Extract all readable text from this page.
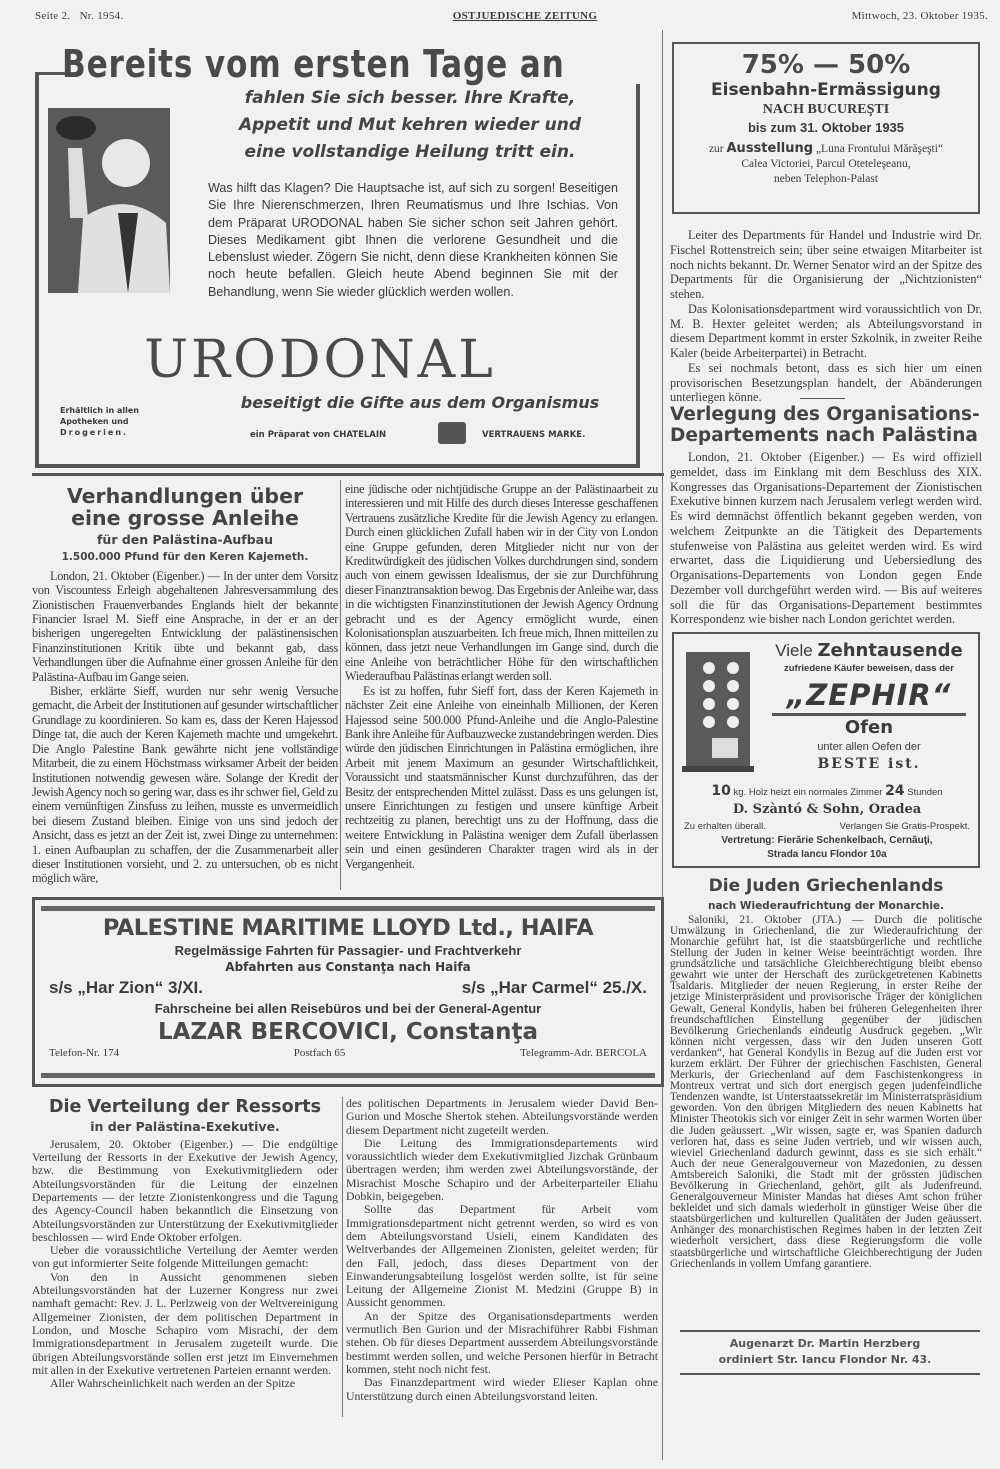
Seite 2. Nr. 1954.	OSTJUEDISCHE ZEITUNG	Mittwoch, 23. Oktober 1935.
Bereits vom ersten Tage an
fahlen Sie sich besser. Ihre Krafte,
Appetit und Mut kehren wieder und
eine vollstandige Heilung tritt ein.
Was hilft das Klagen? Die Hauptsache ist, auf sich zu sorgen! Beseitigen Sie Ihre Nierenschmerzen, Ihren Reumatismus und Ihre Ischias. Von dem Präparat URODONAL haben Sie sicher schon seit Jahren gehört. Dieses Medikament gibt Ihnen die verlorene Gesundheit und die Lebenslust wieder. Zögern Sie nicht, denn diese Krankheiten können Sie noch heute befallen. Gleich heute Abend beginnen Sie mit der Behandlung, wenn Sie wieder glücklich werden wollen.
URODONAL
beseitigt die Gifte aus dem Organismus
Erhältlich in allen
Apotheken und
Drogerien.	ein Präparat von CHATELAIN	VERTRAUENS MARKE.
Verhandlungen über
eine grosse Anleihe
für den Palästina-Aufbau
1.500.000 Pfund für den Keren Kajemeth.

London, 21. Oktober (Eigenber.) — In der unter dem Vorsitz von Viscountess Erleigh abgehaltenen Jahresversammlung des Zionistischen Frauenverbandes Englands hielt der bekannte Financier Israel M. Sieff eine Ansprache, in der er an der bisherigen ungeregelten Entwicklung der palästinensischen Finanzinstitutionen Kritik übte und bekannt gab, dass Verhandlungen über die Aufnahme einer grossen Anleihe für den Palästina-Aufbau im Gange seien.

Bisher, erklärte Sieff, wurden nur sehr wenig Versuche gemacht, die Arbeit der Institutionen auf gesunder wirtschaftlicher Grundlage zu koordinieren. So kam es, dass der Keren Hajessod Dinge tat, die auch der Keren Kajemeth machte und umgekehrt. Die Anglo Palestine Bank gewährte nicht jene vollständige Mitarbeit, die zu einem Höchstmass wirksamer Arbeit der beiden Institutionen notwendig gewesen wäre. Solange der Kredit der Jewish Agency noch so gering war, dass es ihr schwer fiel, Geld zu einem vernünftigen Zinsfuss zu leihen, musste es unvermeidlich bei diesem Zustand bleiben. Einige von uns sind jedoch der Ansicht, dass es jetzt an der Zeit ist, zwei Dinge zu unternehmen: 1. einen Aufbauplan zu schaffen, der die Zusammenarbeit aller dieser Institutionen vorsieht, und 2. zu untersuchen, ob es nicht möglich wäre,

eine jüdische oder nichtjüdische Gruppe an der Palästinaarbeit zu interessieren und mit Hilfe des durch dieses Interesse geschaffenen Vertrauens zusätzliche Kredite für die Jewish Agency zu erlangen. Durch einen glücklichen Zufall haben wir in der City von London eine Gruppe gefunden, deren Mitglieder nicht nur von der Kreditwürdigkeit des jüdischen Volkes durchdrungen sind, sondern auch von einem gewissen Idealismus, der sie zur Durchführung dieser Finanztransaktion bewog. Das Ergebnis der Anleihe war, dass in die wichtigsten Finanzinstitutionen der Jewish Agency Ordnung gebracht und es der Agency ermöglicht wurde, einen Kolonisationsplan auszuarbeiten. Ich freue mich, Ihnen mitteilen zu können, dass jetzt neue Verhandlungen im Gange sind, durch die eine Anleihe von beträchtlicher Höhe für den wirtschaftlichen Wiederaufbau Palästinas erlangt werden soll.

Es ist zu hoffen, fuhr Sieff fort, dass der Keren Kajemeth in nächster Zeit eine Anleihe von eineinhalb Millionen, der Keren Hajessod seine 500.000 Pfund-Anleihe und die Anglo-Palestine Bank ihre Anleihe für Aufbauzwecke zustandebringen werden. Dies würde den jüdischen Einrichtungen in Palästina ermöglichen, ihre Arbeit mit jenem Maximum an gesunder Wirtschaftlichkeit, Voraussicht und staatsmännischer Kunst durchzuführen, das der Besitz der entsprechenden Mittel zulässt. Dass es uns gelungen ist, unsere Einrichtungen zu festigen und unsere künftige Arbeit rechtzeitig zu planen, berechtigt uns zu der Hoffnung, dass die weitere Entwicklung in Palästina weniger dem Zufall überlassen sein und einen gesünderen Charakter tragen wird als in der Vergangenheit.

75% — 50%
Eisenbahn-Ermässigung
NACH BUCUREŞTI
bis zum 31. Oktober 1935
zur Ausstellung „Luna Frontului Mărăşeşti“
Calea Victoriei, Parcul Oteteleşeanu,
neben Telephon-Palast

Leiter des Departments für Handel und Industrie wird Dr. Fischel Rottenstreich sein; über seine etwaigen Mitarbeiter ist noch nichts bekannt. Dr. Werner Senator wird an der Spitze des Departments für die Organisierung der „Nichtzionisten“ stehen.

Das Kolonisationsdepartment wird voraussichtlich von Dr. M. B. Hexter geleitet werden; als Abteilungsvorstand in diesem Department kommt in erster Szkolnik, in zweiter Reihe Kaler (beide Arbeiterpartei) in Betracht.

Es sei nochmals betont, dass es sich hier um einen provisorischen Besetzungsplan handelt, der Abänderungen unterliegen könne.

Verlegung des Organisations-
Departements nach Palästina

London, 21. Oktober (Eigenber.) — Es wird offiziell gemeldet, dass im Einklang mit dem Beschluss des XIX. Kongresses das Organisations-Departement der Zionistischen Exekutive binnen kurzem nach Jerusalem verlegt werden wird. Es wird demnächst öffentlich bekannt gegeben werden, von welchem Zeitpunkte an die Tätigkeit des Departements stufenweise von Palästina aus geleitet werden wird. Es wird erwartet, dass die Liquidierung und Uebersiedlung des Organisations-Departements von London gegen Ende Dezember voll durchgeführt werden wird. — Bis auf weiteres soll die für das Organisations-Departement bestimmtes Korrespondenz wie bisher nach London gerichtet werden.

Viele Zehntausende
zufriedene Käufer beweisen, dass der
„ZEPHIR“
Ofen
unter allen Oefen der
BESTE ist.
10 kg. Holz heizt ein normales Zimmer 24 Stunden
D. Szàntó & Sohn, Oradea
Zu erhalten überall.	Verlangen Sie Gratis-Prospekt.
Vertretung: Fierărie Schenkelbach, Cernăuţi,
Strada Iancu Flondor 10a
Die Juden Griechenlands
nach Wiederaufrichtung der Monarchie.

Saloniki, 21. Oktober (JTA.) — Durch die politische Umwälzung in Griechenland, die zur Wiederaufrichtung der Monarchie geführt hat, ist die staatsbürgerliche und rechtliche Stellung der Juden in keiner Weise beeinträchtigt worden. Ihre grundsätzliche und tatsächliche Gleichberechtigung bleibt ebenso gewahrt wie unter der Herschaft des zurückgetretenen Kabinetts Tsaldaris. Mitglieder der neuen Regierung, in erster Reihe der jetzige Ministerpräsident und provisorische Träger der königlichen Gewalt, General Kondylis, haben bei früheren Gelegenheiten ihrer freundschaftlichen Einstellung gegenüber der jüdischen Bevölkerung Griechenlands eindeutig Ausdruck gegeben. „Wir können nicht vergessen, dass wir den Juden unseren Gott verdanken“, hat General Kondylis in Bezug auf die Juden erst vor kurzem erklärt. Der Führer der griechischen Faschisten, General Merkuris, der Griechenland auf dem Faschistenkongress in Montreux vertrat und sich dort energisch gegen judenfeindliche Tendenzen wandte, ist Unterstaatssekretär im Ministerratspräsidium geworden. Von den übrigen Mitgliedern des neuen Kabinetts hat Minister Theotokis sich vor einiger Zeit in sehr warmen Worten über die Juden geäussert. „Wir wissen, sagte er, was Spanien dadurch verloren hat, dass es seine Juden vertrieb, und wir wissen auch, wieviel Griechenland dadurch gewinnt, dass es sie sich erhält.“ Auch der neue Generalgouverneur von Mazedonien, zu dessen Amtsbereich Saloniki, die Stadt mit der grössten jüdischen Bevölkerung in Griechenland, gehört, gilt als Judenfreund. Generalgouverneur Minister Mandas hat dieses Amt schon früher bekleidet und sich damals wiederholt in günstiger Weise über die staatsbürgerlichen und kulturellen Qualitäten der Juden geäussert. Anhänger des monarchistischen Regimes haben in der letzten Zeit wiederholt versichert, dass diese Regierungsform die volle staatsbürgerliche und wirtschaftliche Gleichberechtigung der Juden Griechenlands in vollem Umfang garantiere.

Augenarzt Dr. Martin Herzberg
ordiniert Str. Iancu Flondor Nr. 43.
PALESTINE MARITIME LLOYD Ltd., HAIFA
Regelmässige Fahrten für Passagier- und Frachtverkehr
Abfahrten aus Constanţa nach Haifa
s/s „Har Zion“ 3/XI.	s/s „Har Carmel“ 25./X.
Fahrscheine bei allen Reisebüros und bei der General-Agentur
LAZAR BERCOVICI, Constanţa
Telefon-Nr. 174	Postfach 65	Telegramm-Adr. BERCOLA
Die Verteilung der Ressorts
in der Palästina-Exekutive.

Jerusalem, 20. Oktober (Eigenber.) — Die endgültige Verteilung der Ressorts in der Exekutive der Jewish Agency, bzw. die Bestimmung von Exekutivmitgliedern oder Abteilungsvorständen für die Leitung der einzelnen Departements — der letzte Zionistenkongress und die Tagung des Agency-Council haben bekanntlich die Einsetzung von Abteilungsvorständen zur Unterstützung der Exekutivmitglieder beschlossen — wird Ende Oktober erfolgen.

Ueber die voraussichtliche Verteilung der Aemter werden von gut informierter Seite folgende Mitteilungen gemacht:

Von den in Aussicht genommenen sieben Abteilungsvorständen hat der Luzerner Kongress nur zwei namhaft gemacht: Rev. J. L. Perlzweig von der Weltvereinigung Allgemeiner Zionisten, der dem politischen Department in London, und Mosche Schapiro vom Misrachi, der dem Immigrationsdepartment in Jerusalem zugeteilt wurde. Die übrigen Abteilungsvorstände sollen erst jetzt im Einvernehmen mit allen in der Exekutive vertretenen Parteien ernannt werden.

Aller Wahrscheinlichkeit nach werden an der Spitze

des politischen Departments in Jerusalem wieder David Ben-Gurion und Mosche Shertok stehen. Abteilungsvorstände werden diesem Department nicht zugeteilt werden.

Die Leitung des Immigrationsdepartements wird voraussichtlich wieder dem Exekutivmitglied Jizchak Grünbaum übertragen werden; ihm werden zwei Abteilungsvorstände, der Misrachist Mosche Schapiro und der Arbeiterparteiler Eliahu Dobkin, beigegeben.

Sollte das Department für Arbeit vom Immigrationsdepartment nicht getrennt werden, so wird es von dem Abteilungsvorstand Usieli, einem Kandidaten des Weltverbandes der Allgemeinen Zionisten, geleitet werden; für den Fall, jedoch, dass dieses Department von der Einwanderungsabteilung losgelöst werden sollte, ist für seine Leitung der Allgemeine Zionist M. Medzini (Gruppe B) in Aussicht genommen.

An der Spitze des Organisationsdepartments werden vermutlich Ben Gurion und der Misrachiführer Rabbi Fishman stehen. Ob für dieses Department ausserdem Abteilungsvorstände bestimmt werden sollen, und welche Personen hierfür in Betracht kommen, steht noch nicht fest.

Das Finanzdepartment wird wieder Elieser Kaplan ohne Unterstützung durch einen Abteilungsvorstand leiten.
